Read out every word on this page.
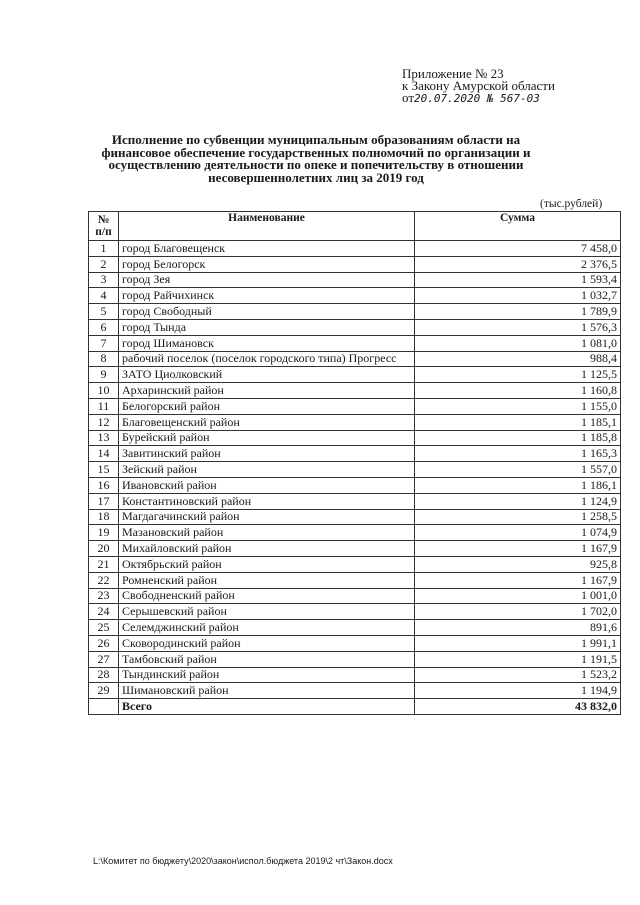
Приложение № 23
к Закону Амурской области
от20.07.2020 № 567-03
Исполнение по субвенции муниципальным образованиям области на финансовое обеспечение государственных полномочий по организации и осуществлению деятельности по опеке и попечительству в отношении несовершеннолетних лиц за 2019 год
(тыс.рублей)
№
п/п	Наименование	Сумма
1	город Благовещенск	7 458,0
2	город Белогорск	2 376,5
3	город Зея	1 593,4
4	город Райчихинск	1 032,7
5	город Свободный	1 789,9
6	город Тында	1 576,3
7	город Шимановск	1 081,0
8	рабочий поселок (поселок городского типа) Прогресс	988,4
9	ЗАТО Циолковский	1 125,5
10	Архаринский район	1 160,8
11	Белогорский район	1 155,0
12	Благовещенский район	1 185,1
13	Бурейский район	1 185,8
14	Завитинский район	1 165,3
15	Зейский район	1 557,0
16	Ивановский район	1 186,1
17	Константиновский район	1 124,9
18	Магдагачинский район	1 258,5
19	Мазановский район	1 074,9
20	Михайловский район	1 167,9
21	Октябрьский район	925,8
22	Ромненский район	1 167,9
23	Свободненский район	1 001,0
24	Серышевский район	1 702,0
25	Селемджинский район	891,6
26	Сковородинский район	1 991,1
27	Тамбовский район	1 191,5
28	Тындинский район	1 523,2
29	Шимановский район	1 194,9
	Всего	43 832,0
L:\Комитет по бюджету\2020\закон\испол.бюджета 2019\2 чт\Закон.docx
